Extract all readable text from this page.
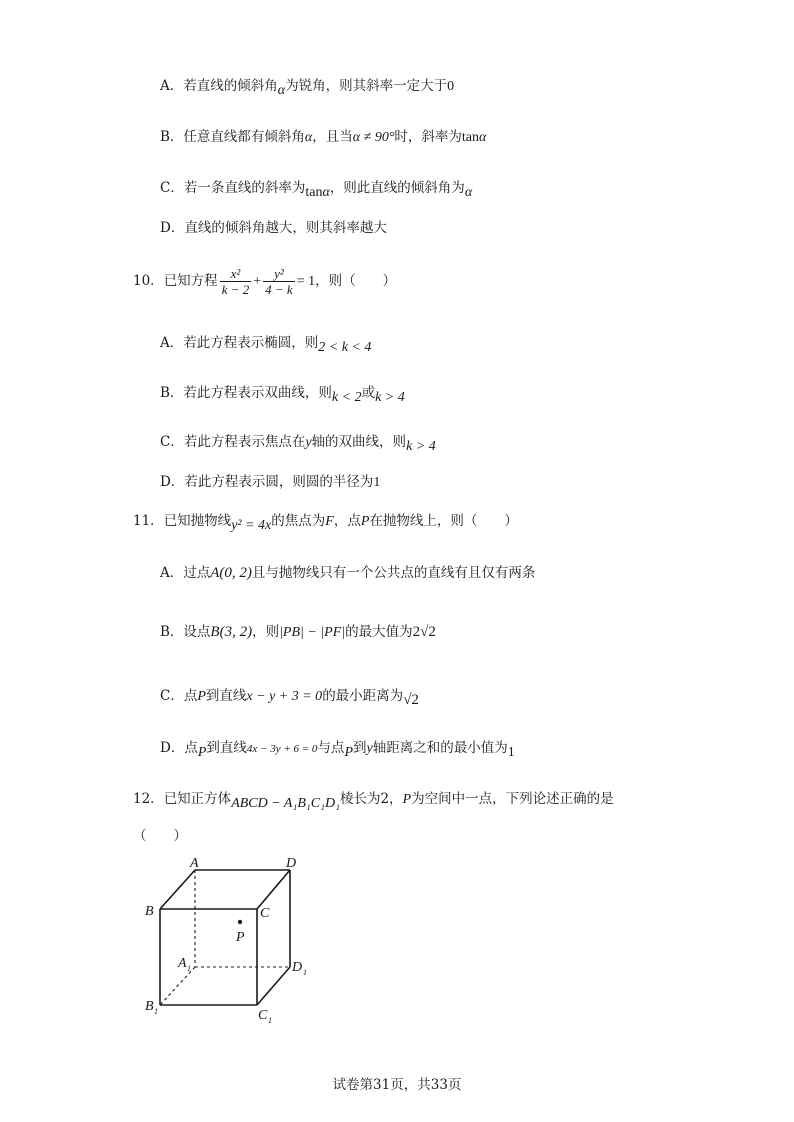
A．若直线的倾斜角α为锐角，则其斜率一定大于0
B．任意直线都有倾斜角α，且当α ≠ 90°时，斜率为tanα
C．若一条直线的斜率为tanα，则此直线的倾斜角为α
D．直线的倾斜角越大，则其斜率越大
10．已知方程 $\frac{\text{x²}}{k - 2} + \frac{\text{y²}}{4 - k} = 1$，则（　　）
A．若此方程表示椭圆，则2 < k < 4
B．若此方程表示双曲线，则k < 2或k > 4
C．若此方程表示焦点在y轴的双曲线，则k > 4
D．若此方程表示圆，则圆的半径为1
11．已知抛物线y² = 4x的焦点为F，点P在抛物线上，则（　　）
A．过点A(0, 2)且与抛物线只有一个公共点的直线有且仅有两条
B．设点B(3, 2)，则|PB| − |PF|的最大值为2√2
C．点P到直线x − y + 3 = 0的最小距离为√2
D．点P到直线4x − 3y + 6 = 0与点P到y轴距离之和的最小值为1
12．已知正方体ABCD − A₁B₁C₁D₁棱长为2，P为空间中一点，下列论述正确的是
（　　）
A	D
B	C
P
A 1	D 1
B 1	C 1
试卷第31页，共33页
